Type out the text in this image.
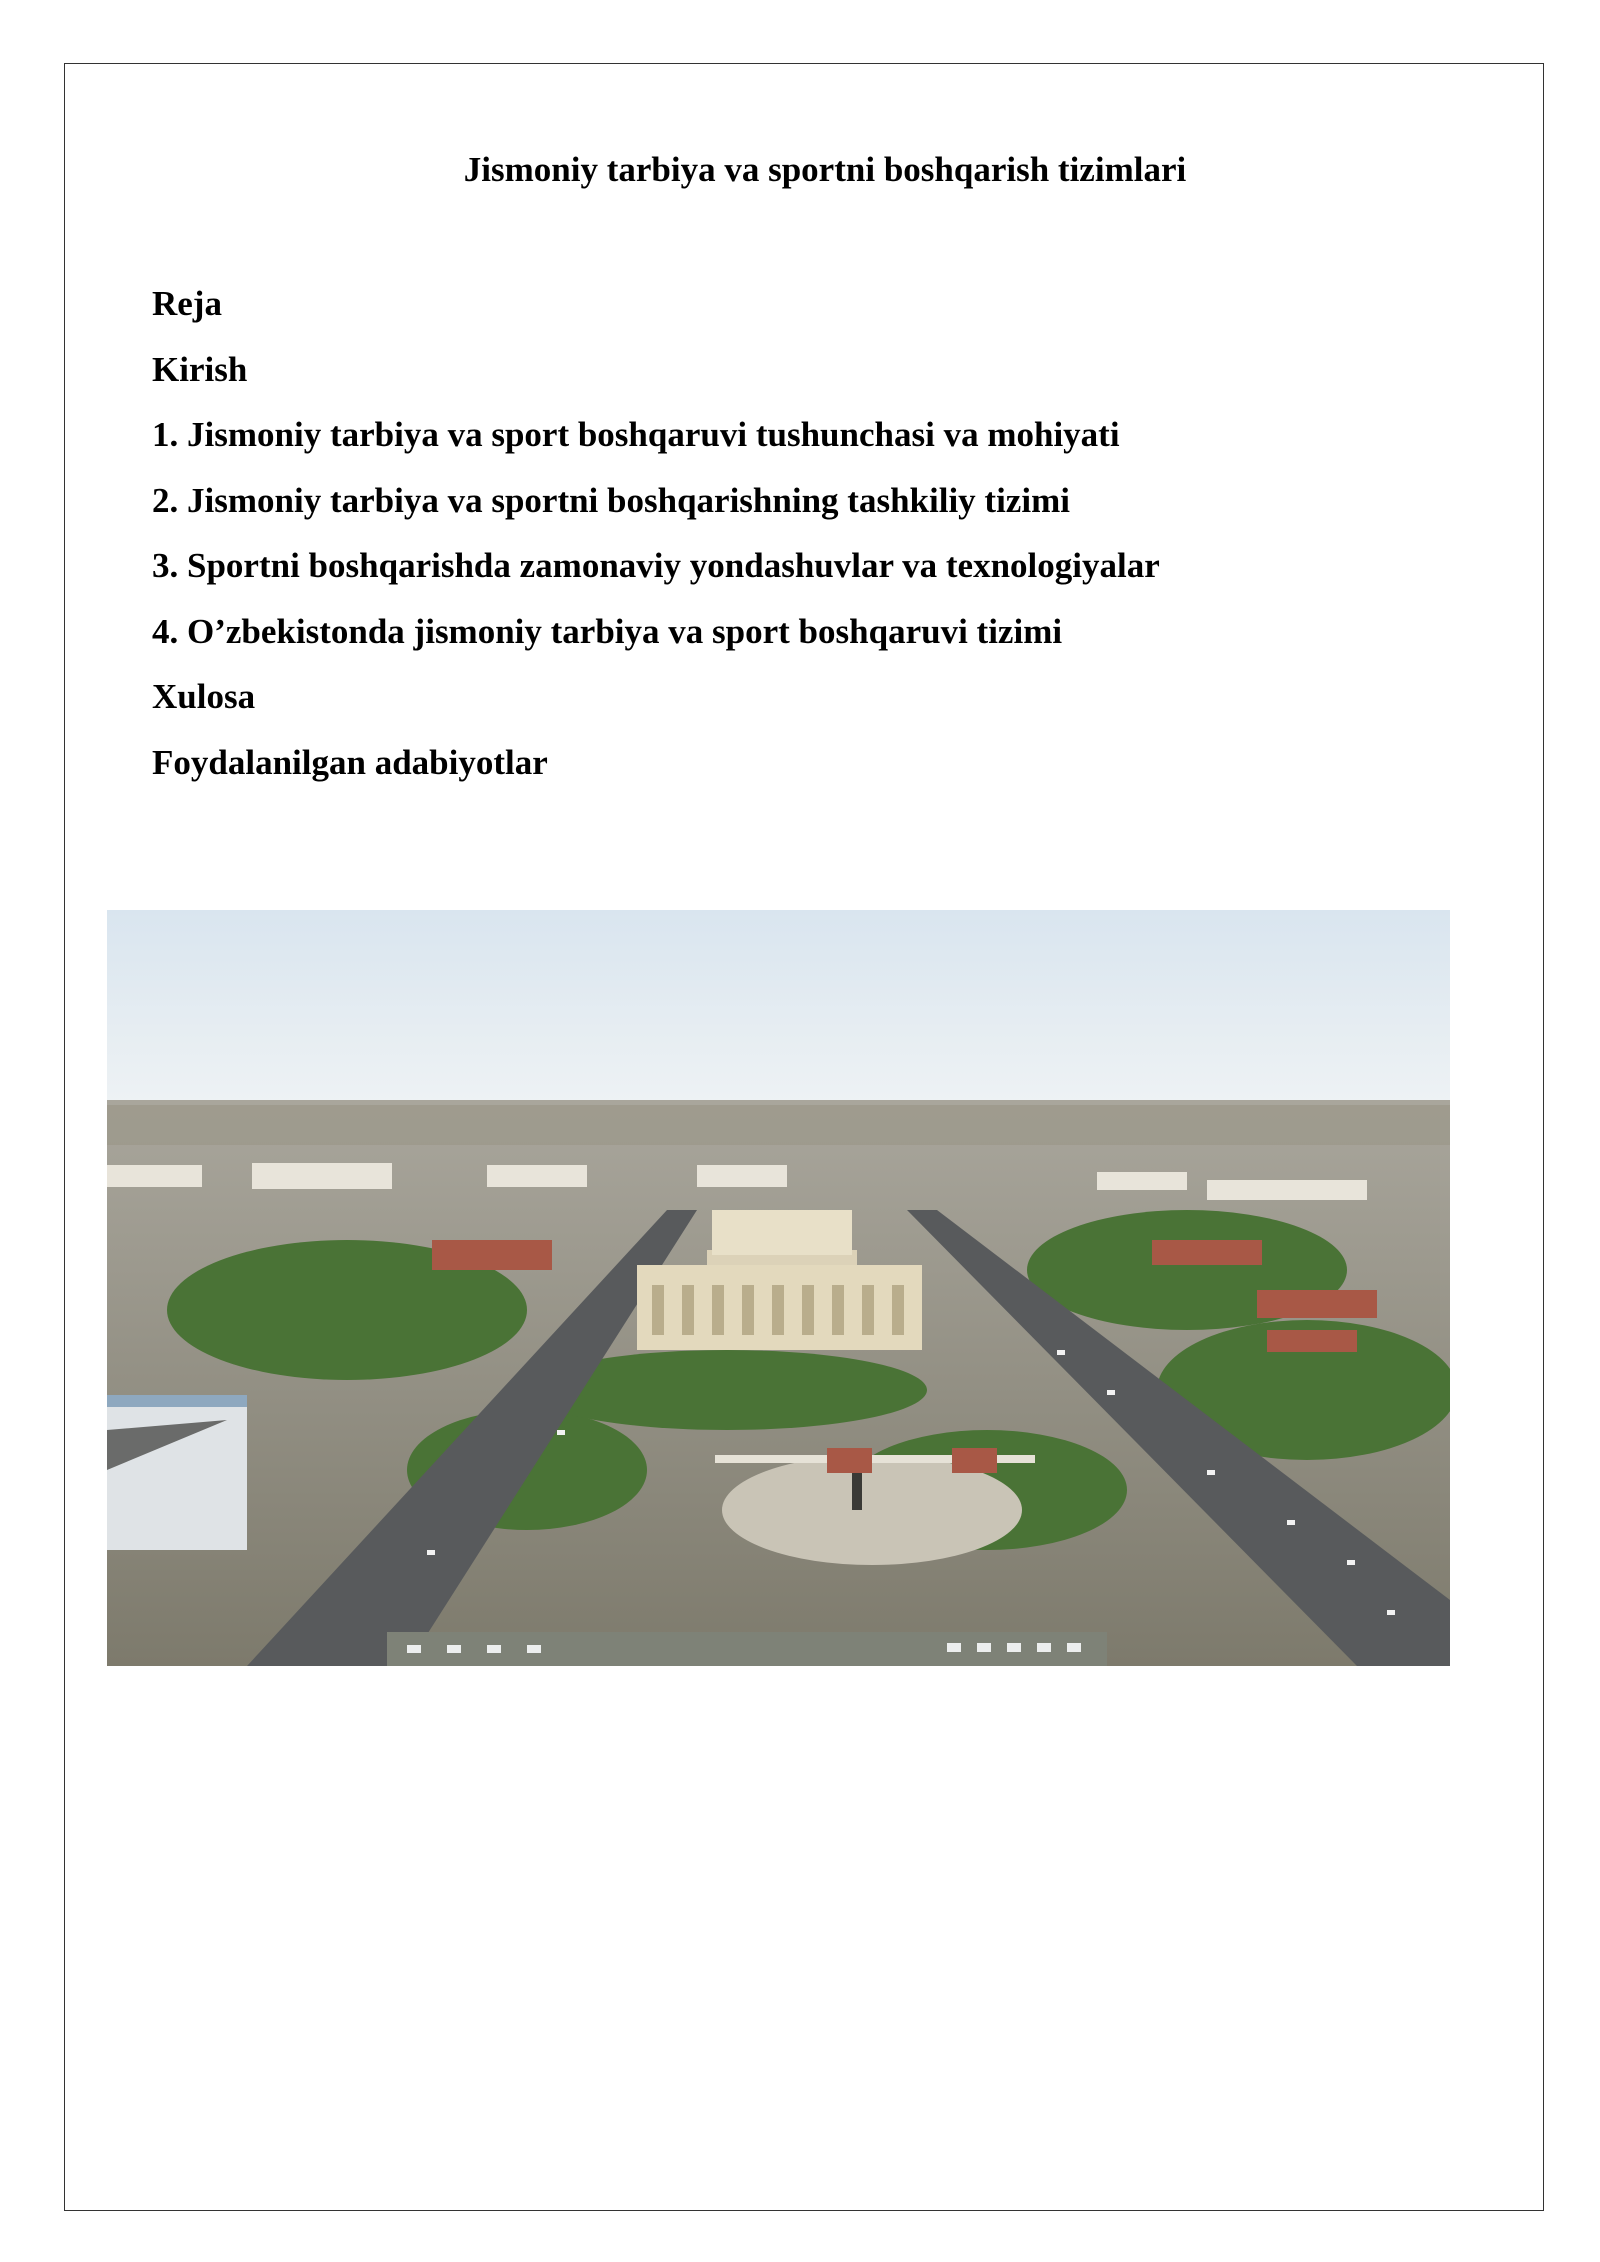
Jismoniy tarbiya va sportni boshqarish tizimlari
Reja
Kirish
1. Jismoniy tarbiya va sport boshqaruvi tushunchasi va mohiyati
2. Jismoniy tarbiya va sportni boshqarishning tashkiliy tizimi
3. Sportni boshqarishda zamonaviy yondashuvlar va texnologiyalar
4. O’zbekistonda jismoniy tarbiya va sport boshqaruvi tizimi
Xulosa
Foydalanilgan adabiyotlar
